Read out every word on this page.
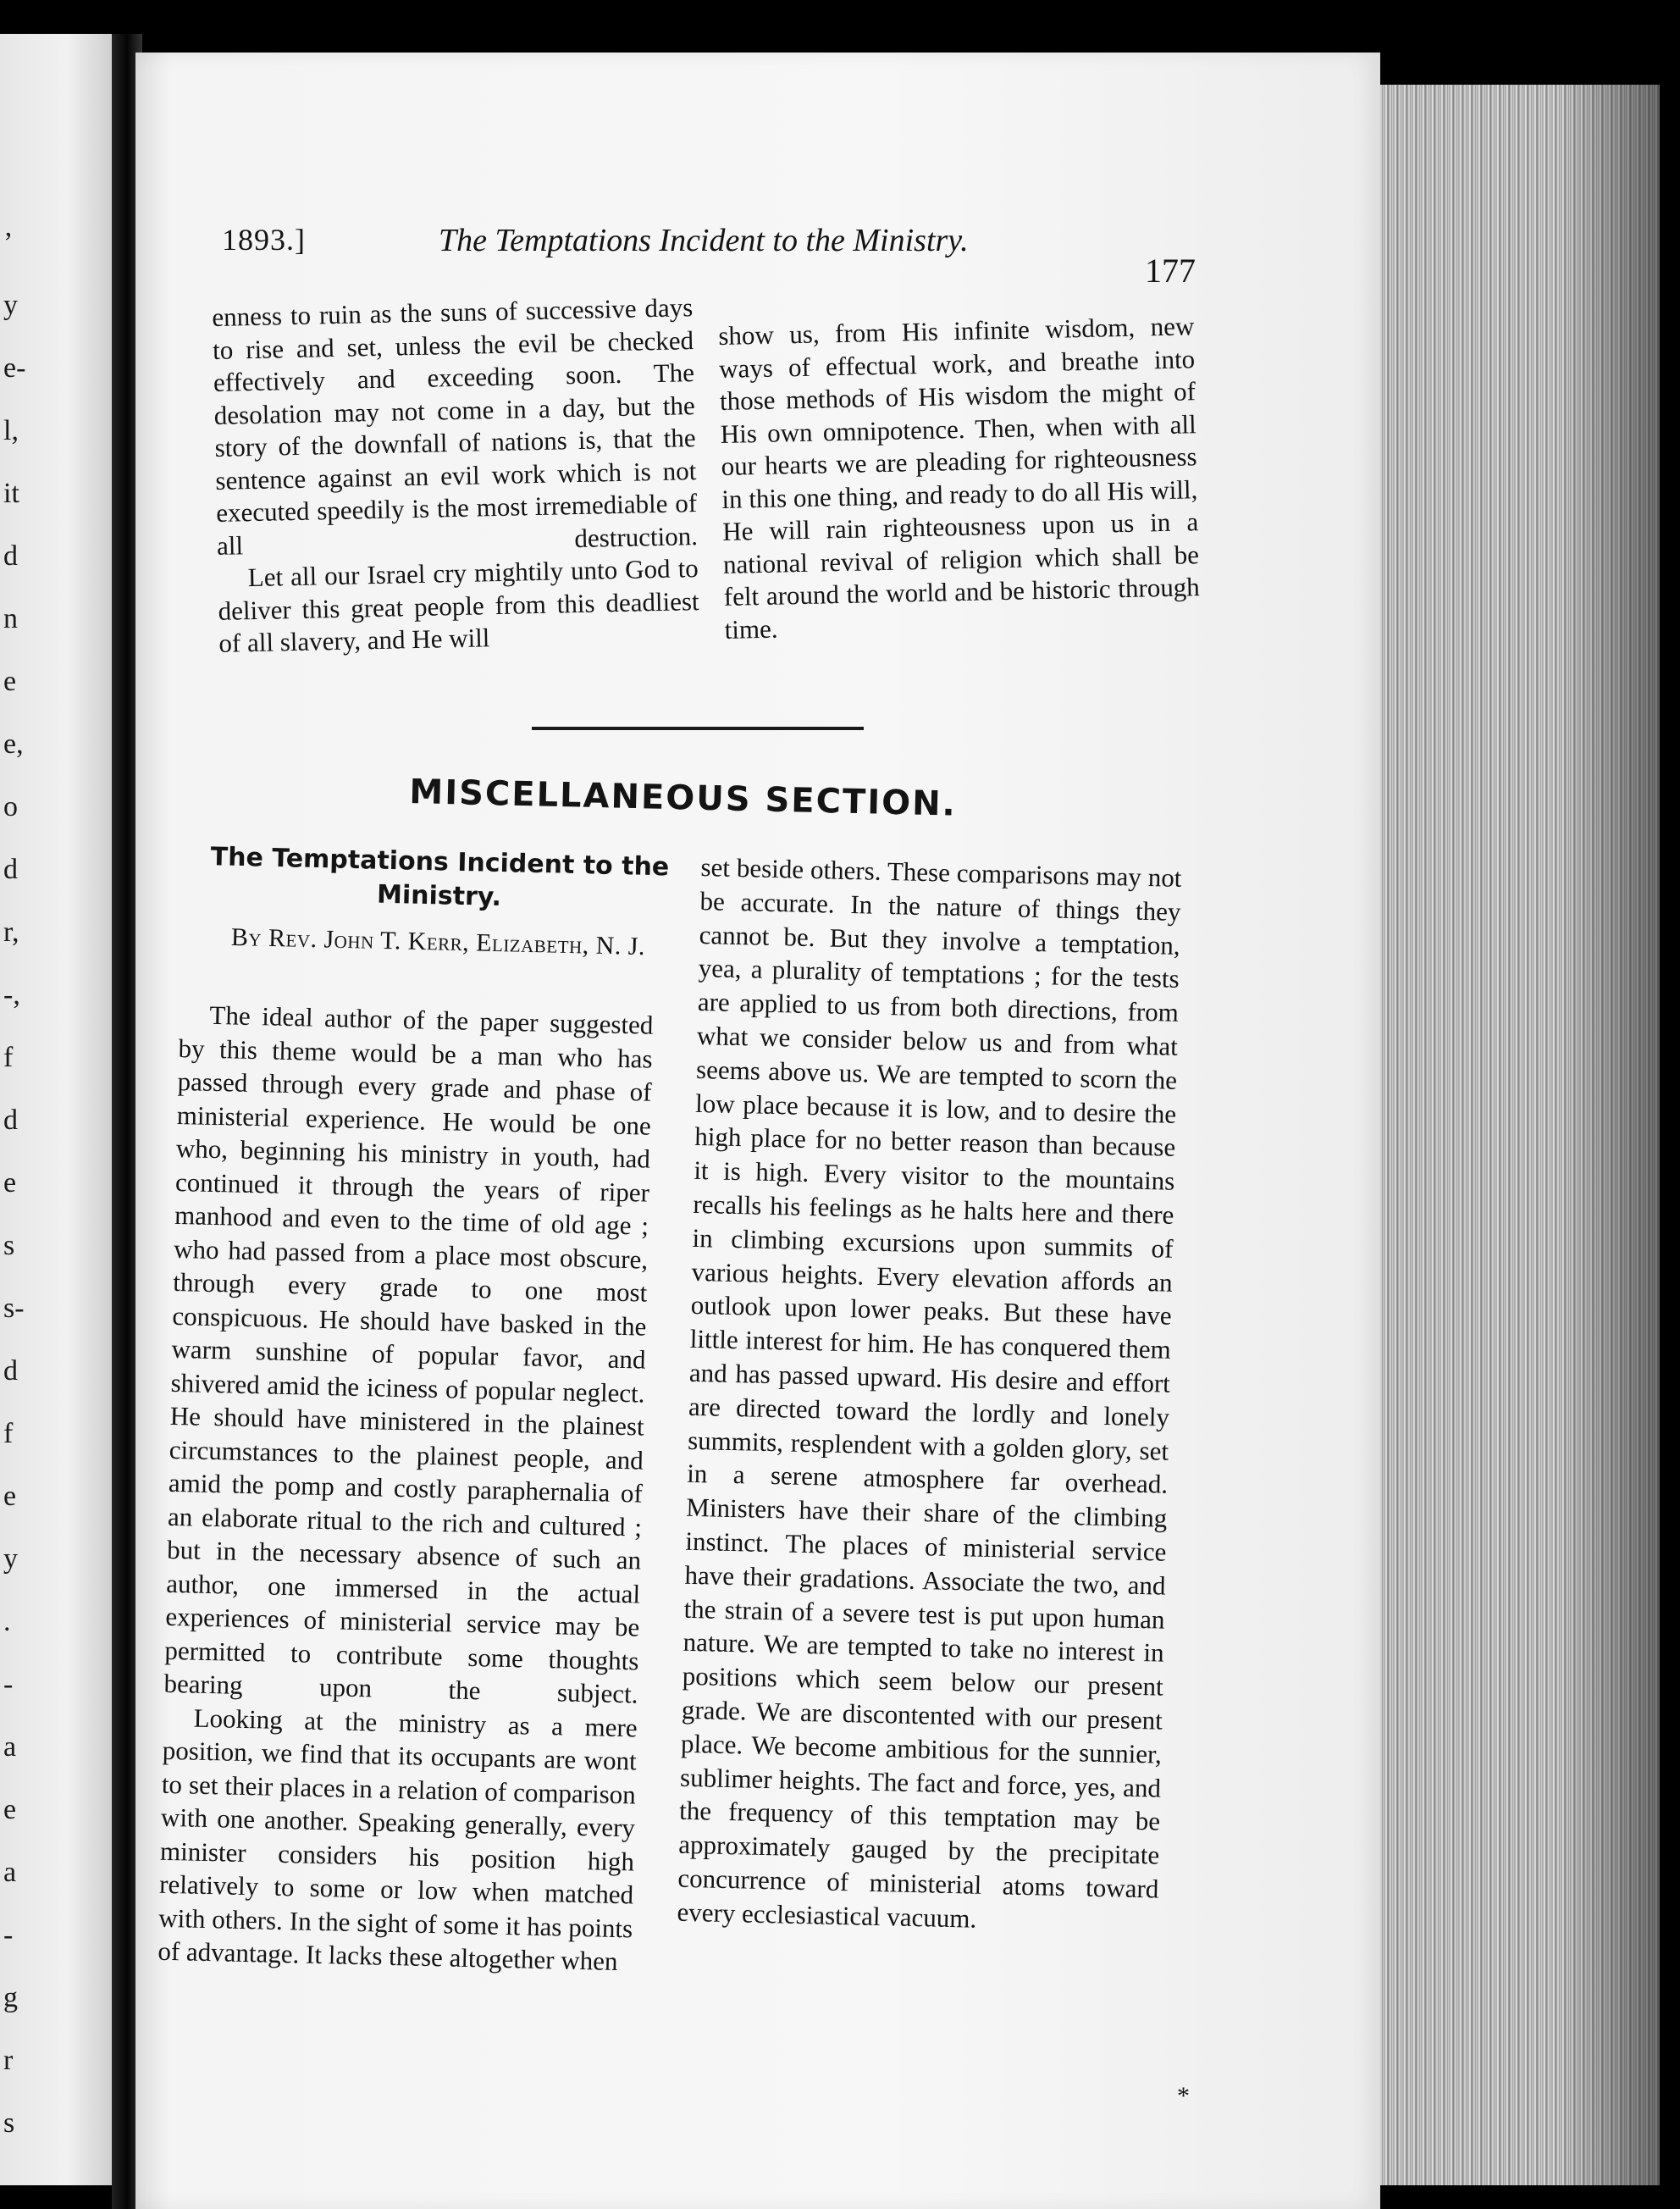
’
y
e-
l,
it
d
n
e
e,
o
d
r,
-,
f
d
e
s
s-
d
f
e
y
.
-
a
e
a
-
g
r
s
1893.]	The Temptations Incident to the Ministry.
177

enness to ruin as the suns of successive days to rise and set, unless the evil be checked effectively and exceeding soon. The desolation may not come in a day, but the story of the downfall of nations is, that the sentence against an evil work which is not executed speedily is the most irremediable of all destruction.

Let all our Israel cry mightily unto God to deliver this great people from this deadliest of all slavery, and He will

show us, from His infinite wisdom, new ways of effectual work, and breathe into those methods of His wisdom the might of His own omnipotence. Then, when with all our hearts we are pleading for righteousness in this one thing, and ready to do all His will, He will rain righteousness upon us in a national revival of religion which shall be felt around the world and be historic through time.

MISCELLANEOUS SECTION.
The Temptations Incident to the Ministry.
By Rev. John T. Kerr, Elizabeth, N. J.

The ideal author of the paper suggested by this theme would be a man who has passed through every grade and phase of ministerial experience. He would be one who, beginning his ministry in youth, had continued it through the years of riper manhood and even to the time of old age ; who had passed from a place most obscure, through every grade to one most conspicuous. He should have basked in the warm sunshine of popular favor, and shivered amid the iciness of popular neglect. He should have ministered in the plainest circumstances to the plainest people, and amid the pomp and costly paraphernalia of an elaborate ritual to the rich and cultured ; but in the necessary absence of such an author, one immersed in the actual experiences of ministerial service may be permitted to contribute some thoughts bearing upon the subject.

Looking at the ministry as a mere position, we find that its occupants are wont to set their places in a relation of comparison with one another. Speaking generally, every minister considers his position high relatively to some or low when matched with others. In the sight of some it has points of advantage. It lacks these altogether when

set beside others. These comparisons may not be accurate. In the nature of things they cannot be. But they involve a temptation, yea, a plurality of temptations ; for the tests are applied to us from both directions, from what we consider below us and from what seems above us. We are tempted to scorn the low place because it is low, and to desire the high place for no better reason than because it is high. Every visitor to the mountains recalls his feelings as he halts here and there in climbing excursions upon summits of various heights. Every elevation affords an outlook upon lower peaks. But these have little interest for him. He has conquered them and has passed upward. His desire and effort are directed toward the lordly and lonely summits, resplendent with a golden glory, set in a serene atmosphere far overhead. Ministers have their share of the climbing instinct. The places of ministerial service have their gradations. Associate the two, and the strain of a severe test is put upon human nature. We are tempted to take no interest in positions which seem below our present grade. We are discontented with our present place. We become ambitious for the sunnier, sublimer heights. The fact and force, yes, and the frequency of this temptation may be approximately gauged by the precipitate concurrence of ministerial atoms toward every ecclesiastical vacuum.

*
